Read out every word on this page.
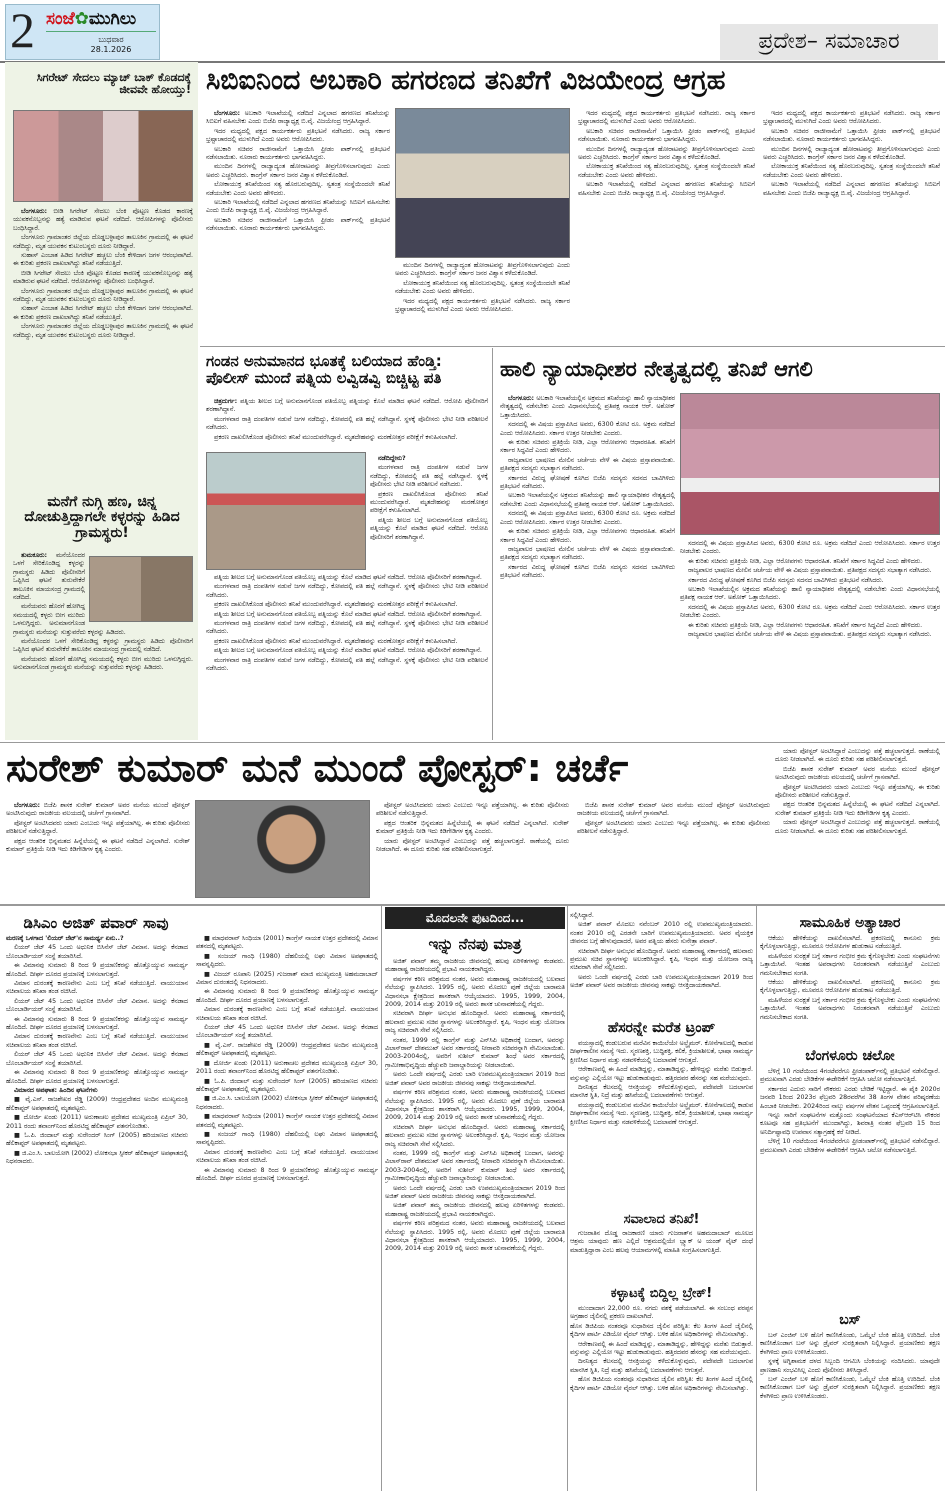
2 ಸಂಜೆ✿ಮುಗಿಲು
ಬುಧವಾರ
28.1.2026	ಪ್ರದೇಶ– ಸಮಾಚಾರ
ಸಿಗರೇಟ್ ಸೇದಲು ಮ್ಯಾಚ್ ಬಾಕ್ ಕೊಡದಕ್ಕೆ ಜೀವವೇ ಹೋಯ್ತು!

ಬೆಂಗಳೂರು: ಬೀಡಿ ಸಿಗರೇಟ್ ಸೇದಲು ಬೆಂಕಿ ಪೊಟ್ಟಣ ಕೊಡದ ಕಾರಣಕ್ಕೆ ಯುವಕನೊಬ್ಬನನ್ನು ಹತ್ಯೆ ಮಾಡಿರುವ ಘಟನೆ ನಡೆದಿದೆ. ಆರೋಪಿಗಳನ್ನು ಪೊಲೀಸರು ಬಂಧಿಸಿದ್ದಾರೆ.

ಬೆಂಗಳೂರು ಗ್ರಾಮಾಂತರ ಜಿಲ್ಲೆಯ ದೊಡ್ಡಬಳ್ಳಾಪುರ ತಾಲೂಕಿನ ಗ್ರಾಮದಲ್ಲಿ ಈ ಘಟನೆ ನಡೆದಿದ್ದು, ಮೃತ ಯುವಕನ ಕುಟುಂಬಸ್ಥರು ದೂರು ನೀಡಿದ್ದಾರೆ.

ಸುಹಾಸ್ ಎಂಬಾತ ಹಿಡಿದ ಸಿಗರೇಟ್ ಹಚ್ಚಲು ಬೆಂಕಿ ಕೇಳಿದಾಗ ಜಗಳ ಆರಂಭವಾಗಿದೆ. ಈ ಕುರಿತು ಪ್ರಕರಣ ದಾಖಲಾಗಿದ್ದು ತನಿಖೆ ನಡೆಯುತ್ತಿದೆ.

ಬೀಡಿ ಸಿಗರೇಟ್ ಸೇದಲು ಬೆಂಕಿ ಪೊಟ್ಟಣ ಕೊಡದ ಕಾರಣಕ್ಕೆ ಯುವಕನೊಬ್ಬನನ್ನು ಹತ್ಯೆ ಮಾಡಿರುವ ಘಟನೆ ನಡೆದಿದೆ. ಆರೋಪಿಗಳನ್ನು ಪೊಲೀಸರು ಬಂಧಿಸಿದ್ದಾರೆ.

ಬೆಂಗಳೂರು ಗ್ರಾಮಾಂತರ ಜಿಲ್ಲೆಯ ದೊಡ್ಡಬಳ್ಳಾಪುರ ತಾಲೂಕಿನ ಗ್ರಾಮದಲ್ಲಿ ಈ ಘಟನೆ ನಡೆದಿದ್ದು, ಮೃತ ಯುವಕನ ಕುಟುಂಬಸ್ಥರು ದೂರು ನೀಡಿದ್ದಾರೆ.

ಸುಹಾಸ್ ಎಂಬಾತ ಹಿಡಿದ ಸಿಗರೇಟ್ ಹಚ್ಚಲು ಬೆಂಕಿ ಕೇಳಿದಾಗ ಜಗಳ ಆರಂಭವಾಗಿದೆ. ಈ ಕುರಿತು ಪ್ರಕರಣ ದಾಖಲಾಗಿದ್ದು ತನಿಖೆ ನಡೆಯುತ್ತಿದೆ.

ಬೆಂಗಳೂರು ಗ್ರಾಮಾಂತರ ಜಿಲ್ಲೆಯ ದೊಡ್ಡಬಳ್ಳಾಪುರ ತಾಲೂಕಿನ ಗ್ರಾಮದಲ್ಲಿ ಈ ಘಟನೆ ನಡೆದಿದ್ದು, ಮೃತ ಯುವಕನ ಕುಟುಂಬಸ್ಥರು ದೂರು ನೀಡಿದ್ದಾರೆ.

ಮನೆಗೆ ನುಗ್ಗಿ ಹಣ, ಚಿನ್ನ ದೋಚುತ್ತಿದ್ದಾಗಲೇ ಕಳ್ಳರನ್ನು ಹಿಡಿದ ಗ್ರಾಮಸ್ಥರು!

ತುಮಕೂರು: ಮನೆಯೊಂದರ ಒಳಗೆ ಸೇರಿಕೊಂಡಿದ್ದ ಕಳ್ಳರನ್ನು ಗ್ರಾಮಸ್ಥರು ಹಿಡಿದು ಪೊಲೀಸರಿಗೆ ಒಪ್ಪಿಸಿದ ಘಟನೆ ತುರುವೇಕೆರೆ ತಾಲೂಕಿನ ಮಾಯಸಂದ್ರ ಗ್ರಾಮದಲ್ಲಿ ನಡೆದಿದೆ.

ಮನೆಯವರು ಹೊರಗೆ ಹೋಗಿದ್ದ ಸಮಯದಲ್ಲಿ ಕಳ್ಳರು ಬೀಗ ಮುರಿದು ಒಳನುಗ್ಗಿದ್ದರು. ಅನುಮಾನಗೊಂಡ ಗ್ರಾಮಸ್ಥರು ಮನೆಯನ್ನು ಸುತ್ತುವರೆದು ಕಳ್ಳರನ್ನು ಹಿಡಿದರು.

ಮನೆಯೊಂದರ ಒಳಗೆ ಸೇರಿಕೊಂಡಿದ್ದ ಕಳ್ಳರನ್ನು ಗ್ರಾಮಸ್ಥರು ಹಿಡಿದು ಪೊಲೀಸರಿಗೆ ಒಪ್ಪಿಸಿದ ಘಟನೆ ತುರುವೇಕೆರೆ ತಾಲೂಕಿನ ಮಾಯಸಂದ್ರ ಗ್ರಾಮದಲ್ಲಿ ನಡೆದಿದೆ.

ಮನೆಯವರು ಹೊರಗೆ ಹೋಗಿದ್ದ ಸಮಯದಲ್ಲಿ ಕಳ್ಳರು ಬೀಗ ಮುರಿದು ಒಳನುಗ್ಗಿದ್ದರು. ಅನುಮಾನಗೊಂಡ ಗ್ರಾಮಸ್ಥರು ಮನೆಯನ್ನು ಸುತ್ತುವರೆದು ಕಳ್ಳರನ್ನು ಹಿಡಿದರು.

ಸಿಬಿಐನಿಂದ ಅಬಕಾರಿ ಹಗರಣದ ತನಿಖೆಗೆ ವಿಜಯೇಂದ್ರ ಆಗ್ರಹ

ಬೆಂಗಳೂರು: ಅಬಕಾರಿ ಇಲಾಖೆಯಲ್ಲಿ ನಡೆದಿದೆ ಎನ್ನಲಾದ ಹಗರಣದ ತನಿಖೆಯನ್ನು ಸಿಬಿಐಗೆ ವಹಿಸಬೇಕು ಎಂದು ಬಿಜೆಪಿ ರಾಜ್ಯಾಧ್ಯಕ್ಷ ಬಿ.ವೈ. ವಿಜಯೇಂದ್ರ ಆಗ್ರಹಿಸಿದ್ದಾರೆ.

ಇದರ ಮಧ್ಯದಲ್ಲಿ ಪಕ್ಷದ ಕಾರ್ಯಕರ್ತರು ಪ್ರತಿಭಟನೆ ನಡೆಸಿದರು. ರಾಜ್ಯ ಸರ್ಕಾರ ಭ್ರಷ್ಟಾಚಾರದಲ್ಲಿ ಮುಳುಗಿದೆ ಎಂದು ಅವರು ಆರೋಪಿಸಿದರು.

ಅಬಕಾರಿ ಸಚಿವರ ರಾಜೀನಾಮೆಗೆ ಒತ್ತಾಯಿಸಿ ಫ್ರೀಡಂ ಪಾರ್ಕ್‌ನಲ್ಲಿ ಪ್ರತಿಭಟನೆ ನಡೆಸಲಾಯಿತು. ನೂರಾರು ಕಾರ್ಯಕರ್ತರು ಭಾಗವಹಿಸಿದ್ದರು.

ಮುಂದಿನ ದಿನಗಳಲ್ಲಿ ರಾಜ್ಯಾದ್ಯಂತ ಹೋರಾಟವನ್ನು ತೀವ್ರಗೊಳಿಸಲಾಗುವುದು ಎಂದು ಅವರು ಎಚ್ಚರಿಸಿದರು. ಕಾಂಗ್ರೆಸ್ ಸರ್ಕಾರ ಜನರ ವಿಶ್ವಾಸ ಕಳೆದುಕೊಂಡಿದೆ.

ಲೋಕಾಯುಕ್ತ ತನಿಖೆಯಿಂದ ಸತ್ಯ ಹೊರಬರುವುದಿಲ್ಲ. ಸ್ವತಂತ್ರ ಸಂಸ್ಥೆಯಿಂದಲೇ ತನಿಖೆ ನಡೆಯಬೇಕು ಎಂದು ಅವರು ಹೇಳಿದರು.

ಅಬಕಾರಿ ಇಲಾಖೆಯಲ್ಲಿ ನಡೆದಿದೆ ಎನ್ನಲಾದ ಹಗರಣದ ತನಿಖೆಯನ್ನು ಸಿಬಿಐಗೆ ವಹಿಸಬೇಕು ಎಂದು ಬಿಜೆಪಿ ರಾಜ್ಯಾಧ್ಯಕ್ಷ ಬಿ.ವೈ. ವಿಜಯೇಂದ್ರ ಆಗ್ರಹಿಸಿದ್ದಾರೆ.

ಅಬಕಾರಿ ಸಚಿವರ ರಾಜೀನಾಮೆಗೆ ಒತ್ತಾಯಿಸಿ ಫ್ರೀಡಂ ಪಾರ್ಕ್‌ನಲ್ಲಿ ಪ್ರತಿಭಟನೆ ನಡೆಸಲಾಯಿತು. ನೂರಾರು ಕಾರ್ಯಕರ್ತರು ಭಾಗವಹಿಸಿದ್ದರು.

ಮುಂದಿನ ದಿನಗಳಲ್ಲಿ ರಾಜ್ಯಾದ್ಯಂತ ಹೋರಾಟವನ್ನು ತೀವ್ರಗೊಳಿಸಲಾಗುವುದು ಎಂದು ಅವರು ಎಚ್ಚರಿಸಿದರು. ಕಾಂಗ್ರೆಸ್ ಸರ್ಕಾರ ಜನರ ವಿಶ್ವಾಸ ಕಳೆದುಕೊಂಡಿದೆ.

ಲೋಕಾಯುಕ್ತ ತನಿಖೆಯಿಂದ ಸತ್ಯ ಹೊರಬರುವುದಿಲ್ಲ. ಸ್ವತಂತ್ರ ಸಂಸ್ಥೆಯಿಂದಲೇ ತನಿಖೆ ನಡೆಯಬೇಕು ಎಂದು ಅವರು ಹೇಳಿದರು.

ಇದರ ಮಧ್ಯದಲ್ಲಿ ಪಕ್ಷದ ಕಾರ್ಯಕರ್ತರು ಪ್ರತಿಭಟನೆ ನಡೆಸಿದರು. ರಾಜ್ಯ ಸರ್ಕಾರ ಭ್ರಷ್ಟಾಚಾರದಲ್ಲಿ ಮುಳುಗಿದೆ ಎಂದು ಅವರು ಆರೋಪಿಸಿದರು.

ಇದರ ಮಧ್ಯದಲ್ಲಿ ಪಕ್ಷದ ಕಾರ್ಯಕರ್ತರು ಪ್ರತಿಭಟನೆ ನಡೆಸಿದರು. ರಾಜ್ಯ ಸರ್ಕಾರ ಭ್ರಷ್ಟಾಚಾರದಲ್ಲಿ ಮುಳುಗಿದೆ ಎಂದು ಅವರು ಆರೋಪಿಸಿದರು.

ಅಬಕಾರಿ ಸಚಿವರ ರಾಜೀನಾಮೆಗೆ ಒತ್ತಾಯಿಸಿ ಫ್ರೀಡಂ ಪಾರ್ಕ್‌ನಲ್ಲಿ ಪ್ರತಿಭಟನೆ ನಡೆಸಲಾಯಿತು. ನೂರಾರು ಕಾರ್ಯಕರ್ತರು ಭಾಗವಹಿಸಿದ್ದರು.

ಮುಂದಿನ ದಿನಗಳಲ್ಲಿ ರಾಜ್ಯಾದ್ಯಂತ ಹೋರಾಟವನ್ನು ತೀವ್ರಗೊಳಿಸಲಾಗುವುದು ಎಂದು ಅವರು ಎಚ್ಚರಿಸಿದರು. ಕಾಂಗ್ರೆಸ್ ಸರ್ಕಾರ ಜನರ ವಿಶ್ವಾಸ ಕಳೆದುಕೊಂಡಿದೆ.

ಲೋಕಾಯುಕ್ತ ತನಿಖೆಯಿಂದ ಸತ್ಯ ಹೊರಬರುವುದಿಲ್ಲ. ಸ್ವತಂತ್ರ ಸಂಸ್ಥೆಯಿಂದಲೇ ತನಿಖೆ ನಡೆಯಬೇಕು ಎಂದು ಅವರು ಹೇಳಿದರು.

ಅಬಕಾರಿ ಇಲಾಖೆಯಲ್ಲಿ ನಡೆದಿದೆ ಎನ್ನಲಾದ ಹಗರಣದ ತನಿಖೆಯನ್ನು ಸಿಬಿಐಗೆ ವಹಿಸಬೇಕು ಎಂದು ಬಿಜೆಪಿ ರಾಜ್ಯಾಧ್ಯಕ್ಷ ಬಿ.ವೈ. ವಿಜಯೇಂದ್ರ ಆಗ್ರಹಿಸಿದ್ದಾರೆ.

ಇದರ ಮಧ್ಯದಲ್ಲಿ ಪಕ್ಷದ ಕಾರ್ಯಕರ್ತರು ಪ್ರತಿಭಟನೆ ನಡೆಸಿದರು. ರಾಜ್ಯ ಸರ್ಕಾರ ಭ್ರಷ್ಟಾಚಾರದಲ್ಲಿ ಮುಳುಗಿದೆ ಎಂದು ಅವರು ಆರೋಪಿಸಿದರು.

ಅಬಕಾರಿ ಸಚಿವರ ರಾಜೀನಾಮೆಗೆ ಒತ್ತಾಯಿಸಿ ಫ್ರೀಡಂ ಪಾರ್ಕ್‌ನಲ್ಲಿ ಪ್ರತಿಭಟನೆ ನಡೆಸಲಾಯಿತು. ನೂರಾರು ಕಾರ್ಯಕರ್ತರು ಭಾಗವಹಿಸಿದ್ದರು.

ಮುಂದಿನ ದಿನಗಳಲ್ಲಿ ರಾಜ್ಯಾದ್ಯಂತ ಹೋರಾಟವನ್ನು ತೀವ್ರಗೊಳಿಸಲಾಗುವುದು ಎಂದು ಅವರು ಎಚ್ಚರಿಸಿದರು. ಕಾಂಗ್ರೆಸ್ ಸರ್ಕಾರ ಜನರ ವಿಶ್ವಾಸ ಕಳೆದುಕೊಂಡಿದೆ.

ಲೋಕಾಯುಕ್ತ ತನಿಖೆಯಿಂದ ಸತ್ಯ ಹೊರಬರುವುದಿಲ್ಲ. ಸ್ವತಂತ್ರ ಸಂಸ್ಥೆಯಿಂದಲೇ ತನಿಖೆ ನಡೆಯಬೇಕು ಎಂದು ಅವರು ಹೇಳಿದರು.

ಅಬಕಾರಿ ಇಲಾಖೆಯಲ್ಲಿ ನಡೆದಿದೆ ಎನ್ನಲಾದ ಹಗರಣದ ತನಿಖೆಯನ್ನು ಸಿಬಿಐಗೆ ವಹಿಸಬೇಕು ಎಂದು ಬಿಜೆಪಿ ರಾಜ್ಯಾಧ್ಯಕ್ಷ ಬಿ.ವೈ. ವಿಜಯೇಂದ್ರ ಆಗ್ರಹಿಸಿದ್ದಾರೆ.

ಗಂಡನ ಅನುಮಾನದ ಭೂತಕ್ಕೆ ಬಲಿಯಾದ ಹೆಂಡ್ತಿ: ಪೊಲೀಸ್ ಮುಂದೆ ಪತ್ನಿಯ ಲವ್ವಿಡವ್ವಿ ಬಿಚ್ಚಿಟ್ಟ ಪತಿ

ಚಿತ್ರದುರ್ಗ: ಪತ್ನಿಯ ಶೀಲದ ಬಗ್ಗೆ ಅನುಮಾನಗೊಂಡ ಪತಿಯೊಬ್ಬ ಪತ್ನಿಯನ್ನು ಕೊಲೆ ಮಾಡಿದ ಘಟನೆ ನಡೆದಿದೆ. ಆರೋಪಿ ಪೊಲೀಸರಿಗೆ ಶರಣಾಗಿದ್ದಾನೆ.

ಮಂಗಳವಾರ ರಾತ್ರಿ ದಂಪತಿಗಳ ನಡುವೆ ಜಗಳ ನಡೆದಿದ್ದು, ಕೋಪದಲ್ಲಿ ಪತಿ ಹಲ್ಲೆ ನಡೆಸಿದ್ದಾನೆ. ಸ್ಥಳಕ್ಕೆ ಪೊಲೀಸರು ಭೇಟಿ ನೀಡಿ ಪರಿಶೀಲನೆ ನಡೆಸಿದರು.

ಪ್ರಕರಣ ದಾಖಲಿಸಿಕೊಂಡ ಪೊಲೀಸರು ತನಿಖೆ ಮುಂದುವರೆಸಿದ್ದಾರೆ. ಮೃತದೇಹವನ್ನು ಮರಣೋತ್ತರ ಪರೀಕ್ಷೆಗೆ ಕಳುಹಿಸಲಾಗಿದೆ.

ನಡೆದಿದ್ದೇನು?

ಮಂಗಳವಾರ ರಾತ್ರಿ ದಂಪತಿಗಳ ನಡುವೆ ಜಗಳ ನಡೆದಿದ್ದು, ಕೋಪದಲ್ಲಿ ಪತಿ ಹಲ್ಲೆ ನಡೆಸಿದ್ದಾನೆ. ಸ್ಥಳಕ್ಕೆ ಪೊಲೀಸರು ಭೇಟಿ ನೀಡಿ ಪರಿಶೀಲನೆ ನಡೆಸಿದರು.

ಪ್ರಕರಣ ದಾಖಲಿಸಿಕೊಂಡ ಪೊಲೀಸರು ತನಿಖೆ ಮುಂದುವರೆಸಿದ್ದಾರೆ. ಮೃತದೇಹವನ್ನು ಮರಣೋತ್ತರ ಪರೀಕ್ಷೆಗೆ ಕಳುಹಿಸಲಾಗಿದೆ.

ಪತ್ನಿಯ ಶೀಲದ ಬಗ್ಗೆ ಅನುಮಾನಗೊಂಡ ಪತಿಯೊಬ್ಬ ಪತ್ನಿಯನ್ನು ಕೊಲೆ ಮಾಡಿದ ಘಟನೆ ನಡೆದಿದೆ. ಆರೋಪಿ ಪೊಲೀಸರಿಗೆ ಶರಣಾಗಿದ್ದಾನೆ.

ಪತ್ನಿಯ ಶೀಲದ ಬಗ್ಗೆ ಅನುಮಾನಗೊಂಡ ಪತಿಯೊಬ್ಬ ಪತ್ನಿಯನ್ನು ಕೊಲೆ ಮಾಡಿದ ಘಟನೆ ನಡೆದಿದೆ. ಆರೋಪಿ ಪೊಲೀಸರಿಗೆ ಶರಣಾಗಿದ್ದಾನೆ.

ಮಂಗಳವಾರ ರಾತ್ರಿ ದಂಪತಿಗಳ ನಡುವೆ ಜಗಳ ನಡೆದಿದ್ದು, ಕೋಪದಲ್ಲಿ ಪತಿ ಹಲ್ಲೆ ನಡೆಸಿದ್ದಾನೆ. ಸ್ಥಳಕ್ಕೆ ಪೊಲೀಸರು ಭೇಟಿ ನೀಡಿ ಪರಿಶೀಲನೆ ನಡೆಸಿದರು.

ಪ್ರಕರಣ ದಾಖಲಿಸಿಕೊಂಡ ಪೊಲೀಸರು ತನಿಖೆ ಮುಂದುವರೆಸಿದ್ದಾರೆ. ಮೃತದೇಹವನ್ನು ಮರಣೋತ್ತರ ಪರೀಕ್ಷೆಗೆ ಕಳುಹಿಸಲಾಗಿದೆ.

ಪತ್ನಿಯ ಶೀಲದ ಬಗ್ಗೆ ಅನುಮಾನಗೊಂಡ ಪತಿಯೊಬ್ಬ ಪತ್ನಿಯನ್ನು ಕೊಲೆ ಮಾಡಿದ ಘಟನೆ ನಡೆದಿದೆ. ಆರೋಪಿ ಪೊಲೀಸರಿಗೆ ಶರಣಾಗಿದ್ದಾನೆ.

ಮಂಗಳವಾರ ರಾತ್ರಿ ದಂಪತಿಗಳ ನಡುವೆ ಜಗಳ ನಡೆದಿದ್ದು, ಕೋಪದಲ್ಲಿ ಪತಿ ಹಲ್ಲೆ ನಡೆಸಿದ್ದಾನೆ. ಸ್ಥಳಕ್ಕೆ ಪೊಲೀಸರು ಭೇಟಿ ನೀಡಿ ಪರಿಶೀಲನೆ ನಡೆಸಿದರು.

ಪ್ರಕರಣ ದಾಖಲಿಸಿಕೊಂಡ ಪೊಲೀಸರು ತನಿಖೆ ಮುಂದುವರೆಸಿದ್ದಾರೆ. ಮೃತದೇಹವನ್ನು ಮರಣೋತ್ತರ ಪರೀಕ್ಷೆಗೆ ಕಳುಹಿಸಲಾಗಿದೆ.

ಪತ್ನಿಯ ಶೀಲದ ಬಗ್ಗೆ ಅನುಮಾನಗೊಂಡ ಪತಿಯೊಬ್ಬ ಪತ್ನಿಯನ್ನು ಕೊಲೆ ಮಾಡಿದ ಘಟನೆ ನಡೆದಿದೆ. ಆರೋಪಿ ಪೊಲೀಸರಿಗೆ ಶರಣಾಗಿದ್ದಾನೆ.

ಮಂಗಳವಾರ ರಾತ್ರಿ ದಂಪತಿಗಳ ನಡುವೆ ಜಗಳ ನಡೆದಿದ್ದು, ಕೋಪದಲ್ಲಿ ಪತಿ ಹಲ್ಲೆ ನಡೆಸಿದ್ದಾನೆ. ಸ್ಥಳಕ್ಕೆ ಪೊಲೀಸರು ಭೇಟಿ ನೀಡಿ ಪರಿಶೀಲನೆ ನಡೆಸಿದರು.

ಹಾಲಿ ನ್ಯಾಯಾಧೀಶರ ನೇತೃತ್ವದಲ್ಲಿ ತನಿಖೆ ಆಗಲಿ

ಬೆಂಗಳೂರು: ಅಬಕಾರಿ ಇಲಾಖೆಯಲ್ಲಿನ ಅಕ್ರಮದ ತನಿಖೆಯನ್ನು ಹಾಲಿ ನ್ಯಾಯಾಧೀಶರ ನೇತೃತ್ವದಲ್ಲಿ ನಡೆಸಬೇಕು ಎಂದು ವಿಧಾನಸಭೆಯಲ್ಲಿ ಪ್ರತಿಪಕ್ಷ ನಾಯಕ ಆರ್. ಅಶೋಕ್ ಒತ್ತಾಯಿಸಿದರು.

ಸದನದಲ್ಲಿ ಈ ವಿಷಯ ಪ್ರಸ್ತಾಪಿಸಿದ ಅವರು, 6300 ಕೋಟಿ ರೂ. ಅಕ್ರಮ ನಡೆದಿದೆ ಎಂದು ಆರೋಪಿಸಿದರು. ಸರ್ಕಾರ ಉತ್ತರ ನೀಡಬೇಕು ಎಂದರು.

ಈ ಕುರಿತು ಸಚಿವರು ಪ್ರತಿಕ್ರಿಯೆ ನೀಡಿ, ಎಲ್ಲಾ ಆರೋಪಗಳು ಆಧಾರರಹಿತ. ತನಿಖೆಗೆ ಸರ್ಕಾರ ಸಿದ್ಧವಿದೆ ಎಂದು ಹೇಳಿದರು.

ರಾಜ್ಯಪಾಲರ ಭಾಷಣದ ಮೇಲಿನ ಚರ್ಚೆಯ ವೇಳೆ ಈ ವಿಷಯ ಪ್ರಸ್ತಾಪವಾಯಿತು. ಪ್ರತಿಪಕ್ಷದ ಸದಸ್ಯರು ಸಭಾತ್ಯಾಗ ನಡೆಸಿದರು.

ಸರ್ಕಾರದ ವಿರುದ್ಧ ಘೋಷಣೆ ಕೂಗಿದ ಬಿಜೆಪಿ ಸದಸ್ಯರು ಸದನದ ಬಾವಿಗಿಳಿದು ಪ್ರತಿಭಟನೆ ನಡೆಸಿದರು.

ಅಬಕಾರಿ ಇಲಾಖೆಯಲ್ಲಿನ ಅಕ್ರಮದ ತನಿಖೆಯನ್ನು ಹಾಲಿ ನ್ಯಾಯಾಧೀಶರ ನೇತೃತ್ವದಲ್ಲಿ ನಡೆಸಬೇಕು ಎಂದು ವಿಧಾನಸಭೆಯಲ್ಲಿ ಪ್ರತಿಪಕ್ಷ ನಾಯಕ ಆರ್. ಅಶೋಕ್ ಒತ್ತಾಯಿಸಿದರು.

ಸದನದಲ್ಲಿ ಈ ವಿಷಯ ಪ್ರಸ್ತಾಪಿಸಿದ ಅವರು, 6300 ಕೋಟಿ ರೂ. ಅಕ್ರಮ ನಡೆದಿದೆ ಎಂದು ಆರೋಪಿಸಿದರು. ಸರ್ಕಾರ ಉತ್ತರ ನೀಡಬೇಕು ಎಂದರು.

ಈ ಕುರಿತು ಸಚಿವರು ಪ್ರತಿಕ್ರಿಯೆ ನೀಡಿ, ಎಲ್ಲಾ ಆರೋಪಗಳು ಆಧಾರರಹಿತ. ತನಿಖೆಗೆ ಸರ್ಕಾರ ಸಿದ್ಧವಿದೆ ಎಂದು ಹೇಳಿದರು.

ರಾಜ್ಯಪಾಲರ ಭಾಷಣದ ಮೇಲಿನ ಚರ್ಚೆಯ ವೇಳೆ ಈ ವಿಷಯ ಪ್ರಸ್ತಾಪವಾಯಿತು. ಪ್ರತಿಪಕ್ಷದ ಸದಸ್ಯರು ಸಭಾತ್ಯಾಗ ನಡೆಸಿದರು.

ಸರ್ಕಾರದ ವಿರುದ್ಧ ಘೋಷಣೆ ಕೂಗಿದ ಬಿಜೆಪಿ ಸದಸ್ಯರು ಸದನದ ಬಾವಿಗಿಳಿದು ಪ್ರತಿಭಟನೆ ನಡೆಸಿದರು.

ಸದನದಲ್ಲಿ ಈ ವಿಷಯ ಪ್ರಸ್ತಾಪಿಸಿದ ಅವರು, 6300 ಕೋಟಿ ರೂ. ಅಕ್ರಮ ನಡೆದಿದೆ ಎಂದು ಆರೋಪಿಸಿದರು. ಸರ್ಕಾರ ಉತ್ತರ ನೀಡಬೇಕು ಎಂದರು.

ಈ ಕುರಿತು ಸಚಿವರು ಪ್ರತಿಕ್ರಿಯೆ ನೀಡಿ, ಎಲ್ಲಾ ಆರೋಪಗಳು ಆಧಾರರಹಿತ. ತನಿಖೆಗೆ ಸರ್ಕಾರ ಸಿದ್ಧವಿದೆ ಎಂದು ಹೇಳಿದರು.

ರಾಜ್ಯಪಾಲರ ಭಾಷಣದ ಮೇಲಿನ ಚರ್ಚೆಯ ವೇಳೆ ಈ ವಿಷಯ ಪ್ರಸ್ತಾಪವಾಯಿತು. ಪ್ರತಿಪಕ್ಷದ ಸದಸ್ಯರು ಸಭಾತ್ಯಾಗ ನಡೆಸಿದರು.

ಸರ್ಕಾರದ ವಿರುದ್ಧ ಘೋಷಣೆ ಕೂಗಿದ ಬಿಜೆಪಿ ಸದಸ್ಯರು ಸದನದ ಬಾವಿಗಿಳಿದು ಪ್ರತಿಭಟನೆ ನಡೆಸಿದರು.

ಅಬಕಾರಿ ಇಲಾಖೆಯಲ್ಲಿನ ಅಕ್ರಮದ ತನಿಖೆಯನ್ನು ಹಾಲಿ ನ್ಯಾಯಾಧೀಶರ ನೇತೃತ್ವದಲ್ಲಿ ನಡೆಸಬೇಕು ಎಂದು ವಿಧಾನಸಭೆಯಲ್ಲಿ ಪ್ರತಿಪಕ್ಷ ನಾಯಕ ಆರ್. ಅಶೋಕ್ ಒತ್ತಾಯಿಸಿದರು.

ಸದನದಲ್ಲಿ ಈ ವಿಷಯ ಪ್ರಸ್ತಾಪಿಸಿದ ಅವರು, 6300 ಕೋಟಿ ರೂ. ಅಕ್ರಮ ನಡೆದಿದೆ ಎಂದು ಆರೋಪಿಸಿದರು. ಸರ್ಕಾರ ಉತ್ತರ ನೀಡಬೇಕು ಎಂದರು.

ಈ ಕುರಿತು ಸಚಿವರು ಪ್ರತಿಕ್ರಿಯೆ ನೀಡಿ, ಎಲ್ಲಾ ಆರೋಪಗಳು ಆಧಾರರಹಿತ. ತನಿಖೆಗೆ ಸರ್ಕಾರ ಸಿದ್ಧವಿದೆ ಎಂದು ಹೇಳಿದರು.

ರಾಜ್ಯಪಾಲರ ಭಾಷಣದ ಮೇಲಿನ ಚರ್ಚೆಯ ವೇಳೆ ಈ ವಿಷಯ ಪ್ರಸ್ತಾಪವಾಯಿತು. ಪ್ರತಿಪಕ್ಷದ ಸದಸ್ಯರು ಸಭಾತ್ಯಾಗ ನಡೆಸಿದರು.

ಸುರೇಶ್ ಕುಮಾರ್ ಮನೆ ಮುಂದೆ ಪೋಸ್ಟರ್: ಚರ್ಚೆ	ಯಾರು ಪೋಸ್ಟರ್ ಅಂಟಿಸಿದ್ದಾರೆ ಎಂಬುದನ್ನು ಪತ್ತೆ ಹಚ್ಚಲಾಗುತ್ತದೆ. ಠಾಣೆಯಲ್ಲಿ ದೂರು ನೀಡಲಾಗಿದೆ. ಈ ದೂರು ಕುರಿತು ಸಹ ಪರಿಶೀಲಿಸಲಾಗುತ್ತದೆ.

ಬಿಜೆಪಿ ಶಾಸಕ ಸುರೇಶ್ ಕುಮಾರ್ ಅವರ ಮನೆಯ ಮುಂದೆ ಪೋಸ್ಟರ್ ಅಂಟಿಸಿರುವುದು ರಾಜಕೀಯ ವಲಯದಲ್ಲಿ ಚರ್ಚೆಗೆ ಗ್ರಾಸವಾಗಿದೆ.

ಪೋಸ್ಟರ್ ಅಂಟಿಸಿದವರು ಯಾರು ಎಂಬುದು ಇನ್ನೂ ಪತ್ತೆಯಾಗಿಲ್ಲ. ಈ ಕುರಿತು ಪೊಲೀಸರು ಪರಿಶೀಲನೆ ನಡೆಸುತ್ತಿದ್ದಾರೆ.

ಪಕ್ಷದ ಆಂತರಿಕ ಭಿನ್ನಮತದ ಹಿನ್ನೆಲೆಯಲ್ಲಿ ಈ ಘಟನೆ ನಡೆದಿದೆ ಎನ್ನಲಾಗಿದೆ. ಸುರೇಶ್ ಕುಮಾರ್ ಪ್ರತಿಕ್ರಿಯೆ ನೀಡಿ ಇದು ಕಿಡಿಗೇಡಿಗಳ ಕೃತ್ಯ ಎಂದರು.

ಯಾರು ಪೋಸ್ಟರ್ ಅಂಟಿಸಿದ್ದಾರೆ ಎಂಬುದನ್ನು ಪತ್ತೆ ಹಚ್ಚಲಾಗುತ್ತದೆ. ಠಾಣೆಯಲ್ಲಿ ದೂರು ನೀಡಲಾಗಿದೆ. ಈ ದೂರು ಕುರಿತು ಸಹ ಪರಿಶೀಲಿಸಲಾಗುತ್ತದೆ.

ಬೆಂಗಳೂರು: ಬಿಜೆಪಿ ಶಾಸಕ ಸುರೇಶ್ ಕುಮಾರ್ ಅವರ ಮನೆಯ ಮುಂದೆ ಪೋಸ್ಟರ್ ಅಂಟಿಸಿರುವುದು ರಾಜಕೀಯ ವಲಯದಲ್ಲಿ ಚರ್ಚೆಗೆ ಗ್ರಾಸವಾಗಿದೆ.

ಪೋಸ್ಟರ್ ಅಂಟಿಸಿದವರು ಯಾರು ಎಂಬುದು ಇನ್ನೂ ಪತ್ತೆಯಾಗಿಲ್ಲ. ಈ ಕುರಿತು ಪೊಲೀಸರು ಪರಿಶೀಲನೆ ನಡೆಸುತ್ತಿದ್ದಾರೆ.

ಪಕ್ಷದ ಆಂತರಿಕ ಭಿನ್ನಮತದ ಹಿನ್ನೆಲೆಯಲ್ಲಿ ಈ ಘಟನೆ ನಡೆದಿದೆ ಎನ್ನಲಾಗಿದೆ. ಸುರೇಶ್ ಕುಮಾರ್ ಪ್ರತಿಕ್ರಿಯೆ ನೀಡಿ ಇದು ಕಿಡಿಗೇಡಿಗಳ ಕೃತ್ಯ ಎಂದರು.

ಪೋಸ್ಟರ್ ಅಂಟಿಸಿದವರು ಯಾರು ಎಂಬುದು ಇನ್ನೂ ಪತ್ತೆಯಾಗಿಲ್ಲ. ಈ ಕುರಿತು ಪೊಲೀಸರು ಪರಿಶೀಲನೆ ನಡೆಸುತ್ತಿದ್ದಾರೆ.

ಪಕ್ಷದ ಆಂತರಿಕ ಭಿನ್ನಮತದ ಹಿನ್ನೆಲೆಯಲ್ಲಿ ಈ ಘಟನೆ ನಡೆದಿದೆ ಎನ್ನಲಾಗಿದೆ. ಸುರೇಶ್ ಕುಮಾರ್ ಪ್ರತಿಕ್ರಿಯೆ ನೀಡಿ ಇದು ಕಿಡಿಗೇಡಿಗಳ ಕೃತ್ಯ ಎಂದರು.

ಯಾರು ಪೋಸ್ಟರ್ ಅಂಟಿಸಿದ್ದಾರೆ ಎಂಬುದನ್ನು ಪತ್ತೆ ಹಚ್ಚಲಾಗುತ್ತದೆ. ಠಾಣೆಯಲ್ಲಿ ದೂರು ನೀಡಲಾಗಿದೆ. ಈ ದೂರು ಕುರಿತು ಸಹ ಪರಿಶೀಲಿಸಲಾಗುತ್ತದೆ.

ಬಿಜೆಪಿ ಶಾಸಕ ಸುರೇಶ್ ಕುಮಾರ್ ಅವರ ಮನೆಯ ಮುಂದೆ ಪೋಸ್ಟರ್ ಅಂಟಿಸಿರುವುದು ರಾಜಕೀಯ ವಲಯದಲ್ಲಿ ಚರ್ಚೆಗೆ ಗ್ರಾಸವಾಗಿದೆ.

ಪೋಸ್ಟರ್ ಅಂಟಿಸಿದವರು ಯಾರು ಎಂಬುದು ಇನ್ನೂ ಪತ್ತೆಯಾಗಿಲ್ಲ. ಈ ಕುರಿತು ಪೊಲೀಸರು ಪರಿಶೀಲನೆ ನಡೆಸುತ್ತಿದ್ದಾರೆ.

ಡಿಸಿಎಂ ಅಜಿತ್ ಪವಾರ್ ಸಾವು

ಮರಣಕ್ಕೆ ಒಳಗಾದ 'ಲಿಯರ್ ಜೆಟ್'ನ ಸಾಮರ್ಥ್ಯ ಏನು..?

ಲಿಯರ್ ಜೆಟ್ 45 ಒಂದು ಅಧುನಿಕ ಬಿಸಿನೆಸ್ ಜೆಟ್ ವಿಮಾನ. ಅದನ್ನು ಕೆನಡಾದ ಬೊಂಬಾರ್ಡಿಯರ್ ಸಂಸ್ಥೆ ತಯಾರಿಸಿದೆ.

ಈ ವಿಮಾನವು ಸುಮಾರು 8 ರಿಂದ 9 ಪ್ರಯಾಣಿಕರನ್ನು ಹೊತ್ತೊಯ್ಯುವ ಸಾಮರ್ಥ್ಯ ಹೊಂದಿದೆ. ದೀರ್ಘ ದೂರದ ಪ್ರಯಾಣಕ್ಕೆ ಬಳಸಲಾಗುತ್ತದೆ.

ವಿಮಾನ ದುರಂತಕ್ಕೆ ಕಾರಣವೇನು ಎಂಬ ಬಗ್ಗೆ ತನಿಖೆ ನಡೆಯುತ್ತಿದೆ. ವಾಯುಯಾನ ಸಚಿವಾಲಯ ತನಿಖಾ ತಂಡ ರಚಿಸಿದೆ.

ಲಿಯರ್ ಜೆಟ್ 45 ಒಂದು ಅಧುನಿಕ ಬಿಸಿನೆಸ್ ಜೆಟ್ ವಿಮಾನ. ಅದನ್ನು ಕೆನಡಾದ ಬೊಂಬಾರ್ಡಿಯರ್ ಸಂಸ್ಥೆ ತಯಾರಿಸಿದೆ.

ಈ ವಿಮಾನವು ಸುಮಾರು 8 ರಿಂದ 9 ಪ್ರಯಾಣಿಕರನ್ನು ಹೊತ್ತೊಯ್ಯುವ ಸಾಮರ್ಥ್ಯ ಹೊಂದಿದೆ. ದೀರ್ಘ ದೂರದ ಪ್ರಯಾಣಕ್ಕೆ ಬಳಸಲಾಗುತ್ತದೆ.

ವಿಮಾನ ದುರಂತಕ್ಕೆ ಕಾರಣವೇನು ಎಂಬ ಬಗ್ಗೆ ತನಿಖೆ ನಡೆಯುತ್ತಿದೆ. ವಾಯುಯಾನ ಸಚಿವಾಲಯ ತನಿಖಾ ತಂಡ ರಚಿಸಿದೆ.

ಲಿಯರ್ ಜೆಟ್ 45 ಒಂದು ಅಧುನಿಕ ಬಿಸಿನೆಸ್ ಜೆಟ್ ವಿಮಾನ. ಅದನ್ನು ಕೆನಡಾದ ಬೊಂಬಾರ್ಡಿಯರ್ ಸಂಸ್ಥೆ ತಯಾರಿಸಿದೆ.

ಈ ವಿಮಾನವು ಸುಮಾರು 8 ರಿಂದ 9 ಪ್ರಯಾಣಿಕರನ್ನು ಹೊತ್ತೊಯ್ಯುವ ಸಾಮರ್ಥ್ಯ ಹೊಂದಿದೆ. ದೀರ್ಘ ದೂರದ ಪ್ರಯಾಣಕ್ಕೆ ಬಳಸಲಾಗುತ್ತದೆ.

ವಿಮಾನದ ಅಪಘಾತ: ಹಿಂದಿನ ಘಟನೆಗಳು

■ ವೈ.ಎಸ್. ರಾಜಶೇಖರ ರೆಡ್ಡಿ (2009) ಆಂಧ್ರಪ್ರದೇಶದ ಅಂದಿನ ಮುಖ್ಯಮಂತ್ರಿ ಹೆಲಿಕಾಪ್ಟರ್ ಅಪಘಾತದಲ್ಲಿ ಮೃತಪಟ್ಟರು.

■ ದೋರ್ಜಿ ಖಂಡು (2011) ಅರುಣಾಚಲ ಪ್ರದೇಶದ ಮುಖ್ಯಮಂತ್ರಿ ಏಪ್ರಿಲ್ 30, 2011 ರಂದು ತವಾಂಗ್‌ನಿಂದ ಹೊರಟಿದ್ದ ಹೆಲಿಕಾಪ್ಟರ್ ಪತನಗೊಂಡಿತು.

■ ಓ.ಪಿ. ಜಿಂದಾಲ್ ಮತ್ತು ಸುರೇಂದರ್ ಸಿಂಗ್ (2005) ಹರಿಯಾಣದ ಸಚಿವರು ಹೆಲಿಕಾಪ್ಟರ್ ಅಪಘಾತದಲ್ಲಿ ಮೃತಪಟ್ಟರು.

■ ಜಿ.ಎಂ.ಸಿ. ಬಾಲಯೋಗಿ (2002) ಲೋಕಸಭಾ ಸ್ಪೀಕರ್ ಹೆಲಿಕಾಪ್ಟರ್ ಅಪಘಾತದಲ್ಲಿ ನಿಧನರಾದರು.

■ ಮಾಧವರಾವ್ ಸಿಂಧಿಯಾ (2001) ಕಾಂಗ್ರೆಸ್ ನಾಯಕ ಉತ್ತರ ಪ್ರದೇಶದಲ್ಲಿ ವಿಮಾನ ಪತನದಲ್ಲಿ ಮೃತಪಟ್ಟರು.

■ ಸಂಜಯ್ ಗಾಂಧಿ (1980) ದೆಹಲಿಯಲ್ಲಿ ಲಘು ವಿಮಾನ ಅಪಘಾತದಲ್ಲಿ ಸಾವನ್ನಪ್ಪಿದರು.

■ ವಿಜಯ್ ರೂಪಾನಿ (2025) ಗುಜರಾತ್ ಮಾಜಿ ಮುಖ್ಯಮಂತ್ರಿ ಅಹಮದಾಬಾದ್ ವಿಮಾನ ದುರಂತದಲ್ಲಿ ನಿಧನರಾದರು.

ಈ ವಿಮಾನವು ಸುಮಾರು 8 ರಿಂದ 9 ಪ್ರಯಾಣಿಕರನ್ನು ಹೊತ್ತೊಯ್ಯುವ ಸಾಮರ್ಥ್ಯ ಹೊಂದಿದೆ. ದೀರ್ಘ ದೂರದ ಪ್ರಯಾಣಕ್ಕೆ ಬಳಸಲಾಗುತ್ತದೆ.

ವಿಮಾನ ದುರಂತಕ್ಕೆ ಕಾರಣವೇನು ಎಂಬ ಬಗ್ಗೆ ತನಿಖೆ ನಡೆಯುತ್ತಿದೆ. ವಾಯುಯಾನ ಸಚಿವಾಲಯ ತನಿಖಾ ತಂಡ ರಚಿಸಿದೆ.

ಲಿಯರ್ ಜೆಟ್ 45 ಒಂದು ಅಧುನಿಕ ಬಿಸಿನೆಸ್ ಜೆಟ್ ವಿಮಾನ. ಅದನ್ನು ಕೆನಡಾದ ಬೊಂಬಾರ್ಡಿಯರ್ ಸಂಸ್ಥೆ ತಯಾರಿಸಿದೆ.

■ ವೈ.ಎಸ್. ರಾಜಶೇಖರ ರೆಡ್ಡಿ (2009) ಆಂಧ್ರಪ್ರದೇಶದ ಅಂದಿನ ಮುಖ್ಯಮಂತ್ರಿ ಹೆಲಿಕಾಪ್ಟರ್ ಅಪಘಾತದಲ್ಲಿ ಮೃತಪಟ್ಟರು.

■ ದೋರ್ಜಿ ಖಂಡು (2011) ಅರುಣಾಚಲ ಪ್ರದೇಶದ ಮುಖ್ಯಮಂತ್ರಿ ಏಪ್ರಿಲ್ 30, 2011 ರಂದು ತವಾಂಗ್‌ನಿಂದ ಹೊರಟಿದ್ದ ಹೆಲಿಕಾಪ್ಟರ್ ಪತನಗೊಂಡಿತು.

■ ಓ.ಪಿ. ಜಿಂದಾಲ್ ಮತ್ತು ಸುರೇಂದರ್ ಸಿಂಗ್ (2005) ಹರಿಯಾಣದ ಸಚಿವರು ಹೆಲಿಕಾಪ್ಟರ್ ಅಪಘಾತದಲ್ಲಿ ಮೃತಪಟ್ಟರು.

■ ಜಿ.ಎಂ.ಸಿ. ಬಾಲಯೋಗಿ (2002) ಲೋಕಸಭಾ ಸ್ಪೀಕರ್ ಹೆಲಿಕಾಪ್ಟರ್ ಅಪಘಾತದಲ್ಲಿ ನಿಧನರಾದರು.

■ ಮಾಧವರಾವ್ ಸಿಂಧಿಯಾ (2001) ಕಾಂಗ್ರೆಸ್ ನಾಯಕ ಉತ್ತರ ಪ್ರದೇಶದಲ್ಲಿ ವಿಮಾನ ಪತನದಲ್ಲಿ ಮೃತಪಟ್ಟರು.

■ ಸಂಜಯ್ ಗಾಂಧಿ (1980) ದೆಹಲಿಯಲ್ಲಿ ಲಘು ವಿಮಾನ ಅಪಘಾತದಲ್ಲಿ ಸಾವನ್ನಪ್ಪಿದರು.

ವಿಮಾನ ದುರಂತಕ್ಕೆ ಕಾರಣವೇನು ಎಂಬ ಬಗ್ಗೆ ತನಿಖೆ ನಡೆಯುತ್ತಿದೆ. ವಾಯುಯಾನ ಸಚಿವಾಲಯ ತನಿಖಾ ತಂಡ ರಚಿಸಿದೆ.

ಈ ವಿಮಾನವು ಸುಮಾರು 8 ರಿಂದ 9 ಪ್ರಯಾಣಿಕರನ್ನು ಹೊತ್ತೊಯ್ಯುವ ಸಾಮರ್ಥ್ಯ ಹೊಂದಿದೆ. ದೀರ್ಘ ದೂರದ ಪ್ರಯಾಣಕ್ಕೆ ಬಳಸಲಾಗುತ್ತದೆ.

ಮೊದಲನೇ ಪುಟದಿಂದ...
ಇನ್ನು ನೆನಪು ಮಾತ್ರ

ಅಜಿತ್ ಪವಾರ್ ತಮ್ಮ ರಾಜಕೀಯ ಜೀವನದಲ್ಲಿ ಹಲವು ಏರಿಳಿತಗಳನ್ನು ಕಂಡವರು. ಮಹಾರಾಷ್ಟ್ರ ರಾಜಕೀಯದಲ್ಲಿ ಪ್ರಭಾವಿ ನಾಯಕರಾಗಿದ್ದರು.

ವರ್ಷಗಳ ಕಠಿಣ ಪರಿಶ್ರಮದ ನಂತರ, ಅವರು ಮಹಾರಾಷ್ಟ್ರ ರಾಜಕೀಯದಲ್ಲಿ ಬಲವಾದ ನೆಲೆಯನ್ನು ಸ್ಥಾಪಿಸಿದರು. 1995 ರಲ್ಲಿ, ಅವರು ಮೊದಲು ಪುಣೆ ಜಿಲ್ಲೆಯ ಬಾರಾಮತಿ ವಿಧಾನಸಭಾ ಕ್ಷೇತ್ರದಿಂದ ಶಾಸಕರಾಗಿ ಆಯ್ಕೆಯಾದರು. 1995, 1999, 2004, 2009, 2014 ಮತ್ತು 2019 ರಲ್ಲಿ ಅವರು ಶಾಸಕ ಚುನಾವಣೆಯಲ್ಲಿ ಗೆದ್ದರು.

ಸಚಿವರಾಗಿ ದೀರ್ಘ ಅನುಭವ ಹೊಂದಿದ್ದಾರೆ. ಅವರು ಮಹಾರಾಷ್ಟ್ರ ಸರ್ಕಾರದಲ್ಲಿ ಹಲವಾರು ಪ್ರಮುಖ ಸಚಿವ ಸ್ಥಾನಗಳನ್ನು ಅಲಂಕರಿಸಿದ್ದಾರೆ. ಕೃಷಿ, ಇಂಧನ ಮತ್ತು ಯೋಜನಾ ರಾಜ್ಯ ಸಚಿವರಾಗಿ ಸೇವೆ ಸಲ್ಲಿಸಿದರು.

ನಂತರ, 1999 ರಲ್ಲಿ ಕಾಂಗ್ರೆಸ್ ಮತ್ತು ಎನ್‌ಸಿಪಿ ಅಧಿಕಾರಕ್ಕೆ ಬಂದಾಗ, ಅವರನ್ನು ವಿಲಾಸ್‌ರಾವ್ ದೇಶಮುಖ್ ಅವರ ಸರ್ಕಾರದಲ್ಲಿ ನೀರಾವರಿ ಸಚಿವರನ್ನಾಗಿ ನೇಮಿಸಲಾಯಿತು. 2003-2004ರಲ್ಲಿ, ಅವರಿಗೆ ಸುಶೀಲ್ ಕುಮಾರ್ ಶಿಂಧೆ ಅವರ ಸರ್ಕಾರದಲ್ಲಿ ಗ್ರಾಮೀಣಾಭಿವೃದ್ಧಿಯ ಹೆಚ್ಚುವರಿ ಜವಾಬ್ದಾರಿಯನ್ನು ನೀಡಲಾಯಿತು.

ಅವರು ಒಂದೇ ವರ್ಷದಲ್ಲಿ ಎರಡು ಬಾರಿ ಉಪಮುಖ್ಯಮಂತ್ರಿಯಾದಾಗ 2019 ರಿಂದ ಅಜಿತ್ ಪವಾರ್ ಅವರ ರಾಜಕೀಯ ಜೀವನವು ಸಾಕಷ್ಟು ಆಸಕ್ತಿದಾಯಕವಾಗಿದೆ.

ವರ್ಷಗಳ ಕಠಿಣ ಪರಿಶ್ರಮದ ನಂತರ, ಅವರು ಮಹಾರಾಷ್ಟ್ರ ರಾಜಕೀಯದಲ್ಲಿ ಬಲವಾದ ನೆಲೆಯನ್ನು ಸ್ಥಾಪಿಸಿದರು. 1995 ರಲ್ಲಿ, ಅವರು ಮೊದಲು ಪುಣೆ ಜಿಲ್ಲೆಯ ಬಾರಾಮತಿ ವಿಧಾನಸಭಾ ಕ್ಷೇತ್ರದಿಂದ ಶಾಸಕರಾಗಿ ಆಯ್ಕೆಯಾದರು. 1995, 1999, 2004, 2009, 2014 ಮತ್ತು 2019 ರಲ್ಲಿ ಅವರು ಶಾಸಕ ಚುನಾವಣೆಯಲ್ಲಿ ಗೆದ್ದರು.

ಸಚಿವರಾಗಿ ದೀರ್ಘ ಅನುಭವ ಹೊಂದಿದ್ದಾರೆ. ಅವರು ಮಹಾರಾಷ್ಟ್ರ ಸರ್ಕಾರದಲ್ಲಿ ಹಲವಾರು ಪ್ರಮುಖ ಸಚಿವ ಸ್ಥಾನಗಳನ್ನು ಅಲಂಕರಿಸಿದ್ದಾರೆ. ಕೃಷಿ, ಇಂಧನ ಮತ್ತು ಯೋಜನಾ ರಾಜ್ಯ ಸಚಿವರಾಗಿ ಸೇವೆ ಸಲ್ಲಿಸಿದರು.

ನಂತರ, 1999 ರಲ್ಲಿ ಕಾಂಗ್ರೆಸ್ ಮತ್ತು ಎನ್‌ಸಿಪಿ ಅಧಿಕಾರಕ್ಕೆ ಬಂದಾಗ, ಅವರನ್ನು ವಿಲಾಸ್‌ರಾವ್ ದೇಶಮುಖ್ ಅವರ ಸರ್ಕಾರದಲ್ಲಿ ನೀರಾವರಿ ಸಚಿವರನ್ನಾಗಿ ನೇಮಿಸಲಾಯಿತು. 2003-2004ರಲ್ಲಿ, ಅವರಿಗೆ ಸುಶೀಲ್ ಕುಮಾರ್ ಶಿಂಧೆ ಅವರ ಸರ್ಕಾರದಲ್ಲಿ ಗ್ರಾಮೀಣಾಭಿವೃದ್ಧಿಯ ಹೆಚ್ಚುವರಿ ಜವಾಬ್ದಾರಿಯನ್ನು ನೀಡಲಾಯಿತು.

ಅವರು ಒಂದೇ ವರ್ಷದಲ್ಲಿ ಎರಡು ಬಾರಿ ಉಪಮುಖ್ಯಮಂತ್ರಿಯಾದಾಗ 2019 ರಿಂದ ಅಜಿತ್ ಪವಾರ್ ಅವರ ರಾಜಕೀಯ ಜೀವನವು ಸಾಕಷ್ಟು ಆಸಕ್ತಿದಾಯಕವಾಗಿದೆ.

ಅಜಿತ್ ಪವಾರ್ ತಮ್ಮ ರಾಜಕೀಯ ಜೀವನದಲ್ಲಿ ಹಲವು ಏರಿಳಿತಗಳನ್ನು ಕಂಡವರು. ಮಹಾರಾಷ್ಟ್ರ ರಾಜಕೀಯದಲ್ಲಿ ಪ್ರಭಾವಿ ನಾಯಕರಾಗಿದ್ದರು.

ವರ್ಷಗಳ ಕಠಿಣ ಪರಿಶ್ರಮದ ನಂತರ, ಅವರು ಮಹಾರಾಷ್ಟ್ರ ರಾಜಕೀಯದಲ್ಲಿ ಬಲವಾದ ನೆಲೆಯನ್ನು ಸ್ಥಾಪಿಸಿದರು. 1995 ರಲ್ಲಿ, ಅವರು ಮೊದಲು ಪುಣೆ ಜಿಲ್ಲೆಯ ಬಾರಾಮತಿ ವಿಧಾನಸಭಾ ಕ್ಷೇತ್ರದಿಂದ ಶಾಸಕರಾಗಿ ಆಯ್ಕೆಯಾದರು. 1995, 1999, 2004, 2009, 2014 ಮತ್ತು 2019 ರಲ್ಲಿ ಅವರು ಶಾಸಕ ಚುನಾವಣೆಯಲ್ಲಿ ಗೆದ್ದರು.

ಸಲ್ಲಿಸಿದ್ದಾರೆ.

ಅಜಿತ್ ಪವಾರ್ ಮೊದಲು ನವೆಂಬರ್ 2010 ರಲ್ಲಿ ಉಪಮುಖ್ಯಮಂತ್ರಿಯಾದರು. ನಂತರ 2010 ರಲ್ಲಿ ಎರಡನೇ ಬಾರಿಗೆ ಉಪಮುಖ್ಯಮಂತ್ರಿಯಾದರು. ಅವರ ವೈಯಕ್ತಿಕ ಜೀವನದ ಬಗ್ಗೆ ಹೇಳುವುದಾದರೆ, ಅವರ ಪತ್ನಿಯ ಹೆಸರು ಸುನೇತ್ರಾ ಪವಾರ್.

ಸಚಿವರಾಗಿ ದೀರ್ಘ ಅನುಭವ ಹೊಂದಿದ್ದಾರೆ. ಅವರು ಮಹಾರಾಷ್ಟ್ರ ಸರ್ಕಾರದಲ್ಲಿ ಹಲವಾರು ಪ್ರಮುಖ ಸಚಿವ ಸ್ಥಾನಗಳನ್ನು ಅಲಂಕರಿಸಿದ್ದಾರೆ. ಕೃಷಿ, ಇಂಧನ ಮತ್ತು ಯೋಜನಾ ರಾಜ್ಯ ಸಚಿವರಾಗಿ ಸೇವೆ ಸಲ್ಲಿಸಿದರು.

ಅವರು ಒಂದೇ ವರ್ಷದಲ್ಲಿ ಎರಡು ಬಾರಿ ಉಪಮುಖ್ಯಮಂತ್ರಿಯಾದಾಗ 2019 ರಿಂದ ಅಜಿತ್ ಪವಾರ್ ಅವರ ರಾಜಕೀಯ ಜೀವನವು ಸಾಕಷ್ಟು ಆಸಕ್ತಿದಾಯಕವಾಗಿದೆ.

ಹೆಸರನ್ನೇ ಮರೆತ ಟ್ರಂಪ್

ವಯಸ್ಸಾದಲ್ಲಿ ಕಂಡುಬರುವ ಮರೆವಿನ ಕಾಯಿಲೆಯೇ ಅಲ್ಜೈಮರ್. ಕೋನೆಗಾಲದಲ್ಲಿ ಕಾಡುವ ದೀರ್ಘಕಾಲೀನ ಸಮಸ್ಯೆ ಇದು. ಸ್ಮರಣಶಕ್ತಿ, ಬುದ್ಧಿಶಕ್ತಿ, ಕಲಿಕೆ, ಕ್ರಿಯಾಶೀಲತೆ, ಭಾಷಾ ಸಾಮರ್ಥ್ಯ ಕ್ಷೀಣಿಸಿದ ನಿರ್ಧಾರ ಮತ್ತು ನಡವಳಿಕೆಯಲ್ಲಿ ಬದಲಾವಣೆ ಆಗುತ್ತದೆ.

ಆರೇಕಾಣವಲ್ಲಿ ಈ ಹಿಂದೆ ಮಾಡಿದ್ದನ್ನು, ಮಾತಾಡಿದ್ದನ್ನು, ಹೇಳಿದ್ದನ್ನು ಮರೆತು ಬಿಡುತ್ತಾರೆ. ವಸ್ತುವನ್ನು ಎಲ್ಲಿಯೋ ಇಟ್ಟು ಹುಡುಕಾಡುವುದು. ಹತ್ತಿರದವರ ಹೆಸರನ್ನು ಸಹ ಮರೆಯುವುದು.

ದಿನನಿತ್ಯದ ಕೆಲಸದಲ್ಲಿ ಆಸಕ್ತಿಯನ್ನು ಕಳೆದುಕೊಳ್ಳುವುದು, ಪದೇಪದೇ ಬದಲಾಗುವ ಮಾನಸಿಕ ಸ್ಥಿತಿ, ನಿದ್ರೆ ಮತ್ತು ಹಸಿವೆಯಲ್ಲಿ ಬದಲಾವಣೆಗಳು ಆಗುತ್ತವೆ.

ವಯಸ್ಸಾದಲ್ಲಿ ಕಂಡುಬರುವ ಮರೆವಿನ ಕಾಯಿಲೆಯೇ ಅಲ್ಜೈಮರ್. ಕೋನೆಗಾಲದಲ್ಲಿ ಕಾಡುವ ದೀರ್ಘಕಾಲೀನ ಸಮಸ್ಯೆ ಇದು. ಸ್ಮರಣಶಕ್ತಿ, ಬುದ್ಧಿಶಕ್ತಿ, ಕಲಿಕೆ, ಕ್ರಿಯಾಶೀಲತೆ, ಭಾಷಾ ಸಾಮರ್ಥ್ಯ ಕ್ಷೀಣಿಸಿದ ನಿರ್ಧಾರ ಮತ್ತು ನಡವಳಿಕೆಯಲ್ಲಿ ಬದಲಾವಣೆ ಆಗುತ್ತದೆ.

ಸವಾಲಾದ ತನಿಖೆ!

ಗುಜರಾತಿನ ದೊಡ್ಡ ರಾಜಕಾರಣಿ ಯಾರು ಗುಜರಾತ್‌ನ ಅಹಮದಾಬಾದ್ ಮೂಲದ ಆಶ್ರಮ ಯಾವುದು ಹಣ ಎಲ್ಲಿದೆ ಆಶ್ರಮದಲ್ಲಿಯೇ ಬ್ಲ್ಯಾಕ್ ಅ ಯಂಡ್ ವೈಟ್ ದಂಧೆ ಮಾಡುತ್ತಿದ್ದಾರಾ ಎಂಬ ಹಲವು ಆಯಾಮಗಳಲ್ಲಿ ಮಾಹಿತಿ ಸಂಗ್ರಹಿಸಲಾಗುತ್ತಿದೆ.

ಕಳ್ಳಾಟಕ್ಕೆ ಬಿದ್ದಿಲ್ಲ ಬ್ರೇಕ್!

ಮುಂದಾದಾಗ 22,000 ರೂ. ನಗದು ವಶಕ್ಕೆ ಪಡೆಯಲಾಗಿದೆ. ಈ ಸಂಬಂಧ ಪರಪ್ಪನ ಅಗ್ರಹಾರ ಜೈಲಿನಲ್ಲಿ ಪ್ರಕರಣ ದಾಖಲಾಗಿದೆ.

ಹೊಸ ಡಿಜಿಪಿಯ ನಂತರವೂ ಸುಧಾರಿಸದ ಜೈಲಿನ ಪರಿಸ್ಥಿತಿ: ಕೆಲ ತಿಂಗಳ ಹಿಂದೆ ಜೈಲಿನಲ್ಲಿ ಕೈದಿಗಳ ಪಾರ್ಟಿ ವಿಡಿಯೋ ವೈರಲ್ ಆಗಿತ್ತು. ಬಳಿಕ ಹೊಸ ಅಧಿಕಾರಿಗಳನ್ನು ನೇಮಿಸಲಾಗಿತ್ತು.

ಆರೇಕಾಣವಲ್ಲಿ ಈ ಹಿಂದೆ ಮಾಡಿದ್ದನ್ನು, ಮಾತಾಡಿದ್ದನ್ನು, ಹೇಳಿದ್ದನ್ನು ಮರೆತು ಬಿಡುತ್ತಾರೆ. ವಸ್ತುವನ್ನು ಎಲ್ಲಿಯೋ ಇಟ್ಟು ಹುಡುಕಾಡುವುದು. ಹತ್ತಿರದವರ ಹೆಸರನ್ನು ಸಹ ಮರೆಯುವುದು.

ದಿನನಿತ್ಯದ ಕೆಲಸದಲ್ಲಿ ಆಸಕ್ತಿಯನ್ನು ಕಳೆದುಕೊಳ್ಳುವುದು, ಪದೇಪದೇ ಬದಲಾಗುವ ಮಾನಸಿಕ ಸ್ಥಿತಿ, ನಿದ್ರೆ ಮತ್ತು ಹಸಿವೆಯಲ್ಲಿ ಬದಲಾವಣೆಗಳು ಆಗುತ್ತವೆ.

ಹೊಸ ಡಿಜಿಪಿಯ ನಂತರವೂ ಸುಧಾರಿಸದ ಜೈಲಿನ ಪರಿಸ್ಥಿತಿ: ಕೆಲ ತಿಂಗಳ ಹಿಂದೆ ಜೈಲಿನಲ್ಲಿ ಕೈದಿಗಳ ಪಾರ್ಟಿ ವಿಡಿಯೋ ವೈರಲ್ ಆಗಿತ್ತು. ಬಳಿಕ ಹೊಸ ಅಧಿಕಾರಿಗಳನ್ನು ನೇಮಿಸಲಾಗಿತ್ತು.

ಸಾಮೂಹಿಕ ಅತ್ಯಾಚಾರ

ಆಕೆಯು ಹೇಳಿಕೆಯನ್ನು ದಾಖಲಿಸಲಾಗಿದೆ. ಪ್ರಕರಣದಲ್ಲಿ ಕಾನೂನು ಕ್ರಮ ಕೈಗೊಳ್ಳಲಾಗುತ್ತಿದ್ದು, ಮೂವರೂ ಆರೋಪಿಗಳ ಹುಡುಕಾಟ ನಡೆಯುತ್ತಿದೆ.

ಮಹಿಳೆಯರ ಸುರಕ್ಷತೆ ಬಗ್ಗೆ ಸರ್ಕಾರ ಗಂಭೀರ ಕ್ರಮ ಕೈಗೊಳ್ಳಬೇಕು ಎಂದು ಸಂಘಟನೆಗಳು ಒತ್ತಾಯಿಸಿವೆ. ಇಂತಹ ಅಪರಾಧಗಳು ನಿರಂತರವಾಗಿ ನಡೆಯುತ್ತಿವೆ ಎಂಬುದು ಗಮನಿಸಬೇಕಾದ ಸಂಗತಿ.

ಆಕೆಯು ಹೇಳಿಕೆಯನ್ನು ದಾಖಲಿಸಲಾಗಿದೆ. ಪ್ರಕರಣದಲ್ಲಿ ಕಾನೂನು ಕ್ರಮ ಕೈಗೊಳ್ಳಲಾಗುತ್ತಿದ್ದು, ಮೂವರೂ ಆರೋಪಿಗಳ ಹುಡುಕಾಟ ನಡೆಯುತ್ತಿದೆ.

ಮಹಿಳೆಯರ ಸುರಕ್ಷತೆ ಬಗ್ಗೆ ಸರ್ಕಾರ ಗಂಭೀರ ಕ್ರಮ ಕೈಗೊಳ್ಳಬೇಕು ಎಂದು ಸಂಘಟನೆಗಳು ಒತ್ತಾಯಿಸಿವೆ. ಇಂತಹ ಅಪರಾಧಗಳು ನಿರಂತರವಾಗಿ ನಡೆಯುತ್ತಿವೆ ಎಂಬುದು ಗಮನಿಸಬೇಕಾದ ಸಂಗತಿ.

ಬೆಂಗಳೂರು ಚಲೋ

ಬೆಳಿಗ್ಗೆ 10 ಗಂಟೆಯಿಂದ 4ಗಂಟೆವರೆಗೂ ಫ್ರೀಡಂಪಾರ್ಕ್‌ನಲ್ಲಿ ಪ್ರತಿಭಟನೆ ನಡೆಸಲಿದ್ದಾರೆ. ಪ್ರಮುಖವಾಗಿ ಎರಡು ಬೇಡಿಕೆಗಳ ಈಡೇರಿಕೆಗೆ ಆಗ್ರಹಿಸಿ ಚಲೋ ನಡೆಸಲಾಗುತ್ತಿದೆ.

ಸರ್ಕಾರದ ಎದುರು ಸಾರಿಗೆ ನೌಕರರು ಎರಡು ಬೇಡಿಕೆ ಇಟ್ಟಿದ್ದಾರೆ. ಈ ಪೈಕಿ 2020ರ ಜನವರಿ 1ರಿಂದ 2023ರ ಫೆಬ್ರವರಿ 28ರವರೆಗಿನ 38 ತಿಂಗಳ ವೇತನ ಪರಿಷ್ಕರಣೆಯ ಹಿಂಬಾಕಿ ನೀಡಬೇಕು. 2024ರಿಂದ ನಾಲ್ಕು ವರ್ಷಗಳ ವೇತನ ಒಪ್ಪಂದಕ್ಕೆ ಆಗ್ರಹಿಸಲಾಗುತ್ತಿದೆ.

ಇನ್ನೂ ಸಾರಿಗೆ ಸಂಘಟನೆಗಳ ಮತ್ತೊಂದು ಸಂಘಟನೆಯಾದ ಕೆಎಸ್‌ಆರ್‌ಟಿಸಿ ನೌಕರರ ಕೂಟವೂ ಸಹ ಪ್ರತಿಭಟನೆಗೆ ಮುಂದಾಗಿದ್ದು, ಶಿವರಾತ್ರಿ ನಂತರ ಫೆಬ್ರವರಿ 15 ರಿಂದ ಅನಿರ್ದಿಷ್ಟಾವಧಿ ಉಪವಾಸ ಸತ್ಯಾಗ್ರಹಕ್ಕೆ ಕರೆ ನೀಡಿದೆ.

ಬೆಳಿಗ್ಗೆ 10 ಗಂಟೆಯಿಂದ 4ಗಂಟೆವರೆಗೂ ಫ್ರೀಡಂಪಾರ್ಕ್‌ನಲ್ಲಿ ಪ್ರತಿಭಟನೆ ನಡೆಸಲಿದ್ದಾರೆ. ಪ್ರಮುಖವಾಗಿ ಎರಡು ಬೇಡಿಕೆಗಳ ಈಡೇರಿಕೆಗೆ ಆಗ್ರಹಿಸಿ ಚಲೋ ನಡೆಸಲಾಗುತ್ತಿದೆ.

ಬಸ್

ಬಸ್ ಎಂಜಿನ್ ಬಳಿ ಹೊಗೆ ಕಾಣಿಸಿಕೊಂಡು, ಒಮ್ಮೆಲೆ ಬೆಂಕಿ ಹೊತ್ತಿ ಉರಿದಿದೆ. ಬೆಂಕಿ ಕಾಣಿಸಿಕೊಂಡಾಗ ಬಸ್ ಅನ್ನು ಡ್ರೈವರ್ ಸುರಕ್ಷಿತವಾಗಿ ನಿಲ್ಲಿಸಿದ್ದಾರೆ. ಪ್ರಯಾಣಿಕರು ತಕ್ಷಣ ಕೆಳಗಿಳಿದು ಪ್ರಾಣ ಉಳಿಸಿಕೊಂಡರು.

ಸ್ಥಳಕ್ಕೆ ಅಗ್ನಿಶಾಮಕ ದಳದ ಸಿಬ್ಬಂದಿ ಆಗಮಿಸಿ ಬೆಂಕಿಯನ್ನು ನಂದಿಸಿದರು. ಯಾವುದೇ ಪ್ರಾಣಹಾನಿ ಸಂಭವಿಸಿಲ್ಲ ಎಂದು ಪೊಲೀಸರು ತಿಳಿಸಿದ್ದಾರೆ.

ಬಸ್ ಎಂಜಿನ್ ಬಳಿ ಹೊಗೆ ಕಾಣಿಸಿಕೊಂಡು, ಒಮ್ಮೆಲೆ ಬೆಂಕಿ ಹೊತ್ತಿ ಉರಿದಿದೆ. ಬೆಂಕಿ ಕಾಣಿಸಿಕೊಂಡಾಗ ಬಸ್ ಅನ್ನು ಡ್ರೈವರ್ ಸುರಕ್ಷಿತವಾಗಿ ನಿಲ್ಲಿಸಿದ್ದಾರೆ. ಪ್ರಯಾಣಿಕರು ತಕ್ಷಣ ಕೆಳಗಿಳಿದು ಪ್ರಾಣ ಉಳಿಸಿಕೊಂಡರು.
